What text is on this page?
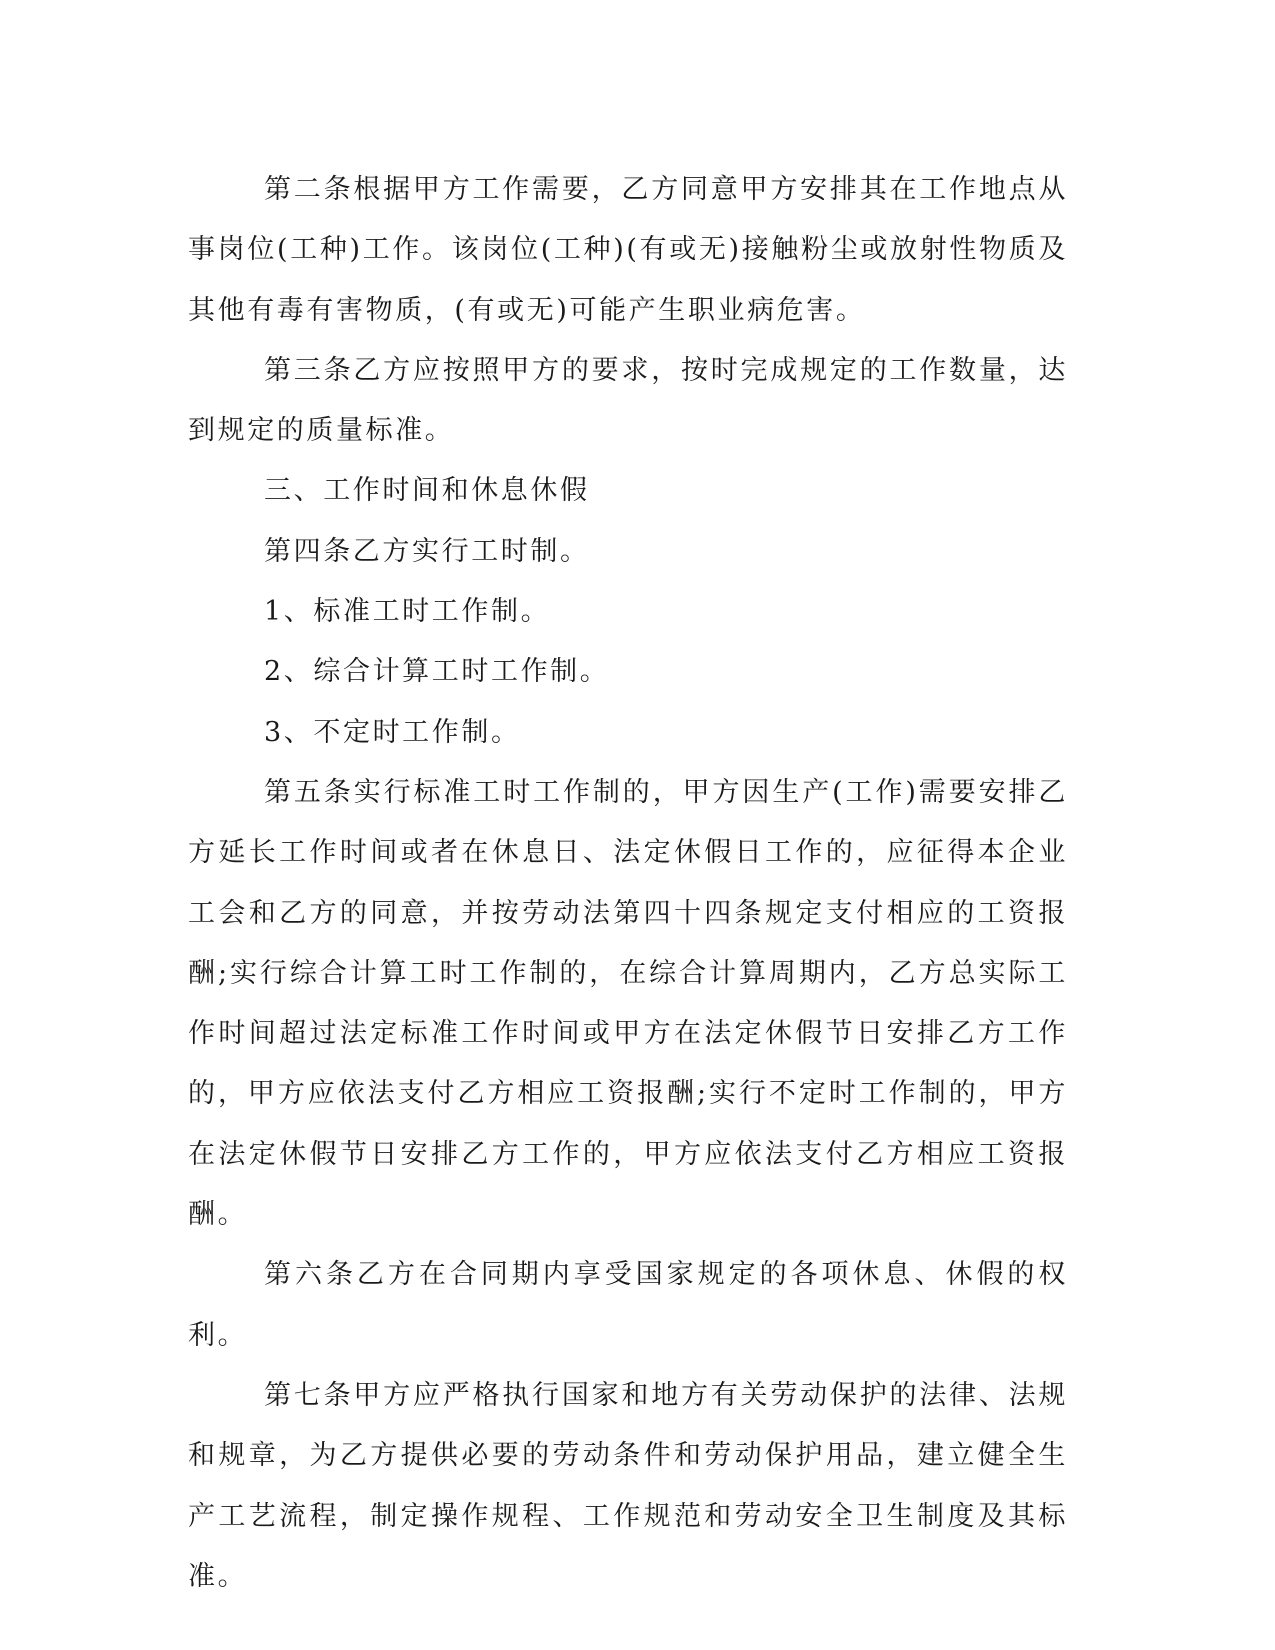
第二条根据甲方工作需要，乙方同意甲方安排其在工作地点从事岗位(工种)工作。该岗位(工种)(有或无)接触粉尘或放射性物质及其他有毒有害物质，(有或无)可能产生职业病危害。

第三条乙方应按照甲方的要求，按时完成规定的工作数量，达到规定的质量标准。

三、工作时间和休息休假

第四条乙方实行工时制。

1、标准工时工作制。

2、综合计算工时工作制。

3、不定时工作制。

第五条实行标准工时工作制的，甲方因生产(工作)需要安排乙方延长工作时间或者在休息日、法定休假日工作的，应征得本企业工会和乙方的同意，并按劳动法第四十四条规定支付相应的工资报酬;实行综合计算工时工作制的，在综合计算周期内，乙方总实际工作时间超过法定标准工作时间或甲方在法定休假节日安排乙方工作的，甲方应依法支付乙方相应工资报酬;实行不定时工作制的，甲方在法定休假节日安排乙方工作的，甲方应依法支付乙方相应工资报酬。

第六条乙方在合同期内享受国家规定的各项休息、休假的权利。

第七条甲方应严格执行国家和地方有关劳动保护的法律、法规和规章，为乙方提供必要的劳动条件和劳动保护用品，建立健全生产工艺流程，制定操作规程、工作规范和劳动安全卫生制度及其标准。
